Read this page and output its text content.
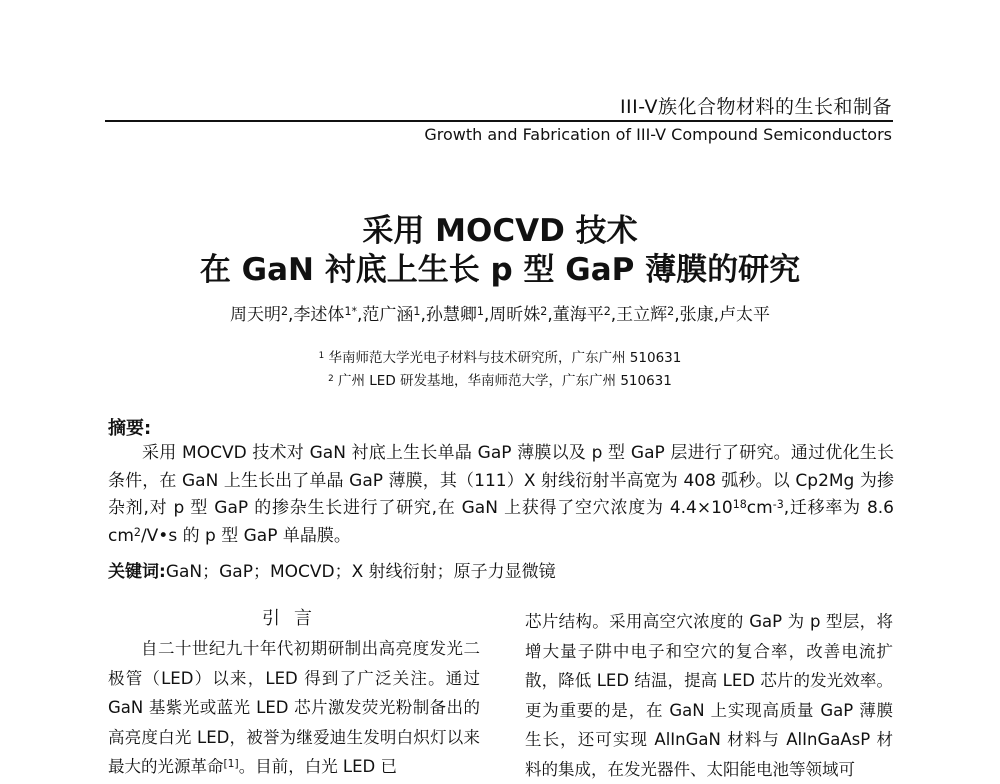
III-V族化合物材料的生长和制备
Growth and Fabrication of III-V Compound Semiconductors
采用 MOCVD 技术
在 GaN 衬底上生长 p 型 GaP 薄膜的研究
周天明$^2$,李述体$^{1*}$,范广涵$^1$,孙慧卿$^1$,周昕姝$^2$,董海平$^2$,王立辉$^2$,张康,卢太平
$^1$ 华南师范大学光电子材料与技术研究所，广东广州 510631
$^2$ 广州 LED 研发基地，华南师范大学，广东广州 510631
摘要:
采用 MOCVD 技术对 GaN 衬底上生长单晶 GaP 薄膜以及 p 型 GaP 层进行了研究。通过优化生长条件，在 GaN 上生长出了单晶 GaP 薄膜，其（111）X 射线衍射半高宽为 408 弧秒。以 Cp2Mg 为掺杂剂,对 p 型 GaP 的掺杂生长进行了研究,在 GaN 上获得了空穴浓度为 $4.4\times 10^{18}cm^{-3}$,迁移率为 8.6 $cm^2/V•s$ 的 p 型 GaP 单晶膜。
关键词:GaN；GaP；MOCVD；X 射线衍射；原子力显微镜
引言
自二十世纪九十年代初期研制出高亮度发光二极管（LED）以来，LED 得到了广泛关注。通过 GaN 基紫光或蓝光 LED 芯片激发荧光粉制备出的高亮度白光 LED，被誉为继爱迪生发明白炽灯以来最大的光源革命[1]。目前，白光 LED 已
芯片结构。采用高空穴浓度的 GaP 为 p 型层，将增大量子阱中电子和空穴的复合率，改善电流扩散，降低 LED 结温，提高 LED 芯片的发光效率。更为重要的是，在 GaN 上实现高质量 GaP 薄膜生长，还可实现 AlInGaN 材料与 AlInGaAsP 材料的集成，在发光器件、太阳能电池等领域可
